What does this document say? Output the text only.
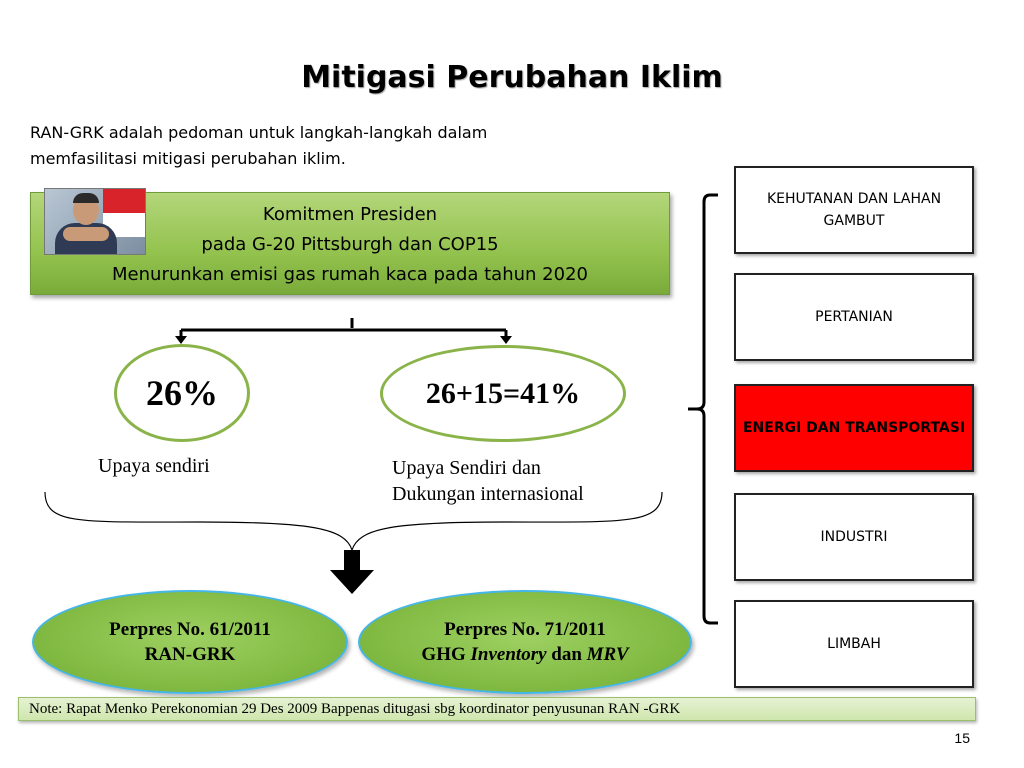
Mitigasi Perubahan Iklim
RAN-GRK adalah pedoman untuk langkah-langkah dalam
memfasilitasi mitigasi perubahan iklim.
Komitmen Presiden
pada G-20 Pittsburgh dan COP15
Menurunkan emisi gas rumah kaca pada tahun 2020
26%	26+15=41%
Upaya sendiri	Upaya Sendiri dan
Dukungan internasional
Perpres No. 61/2011
RAN-GRK
Perpres No. 71/2011
GHG Inventory dan MRV
KEHUTANAN DAN LAHAN GAMBUT
PERTANIAN
ENERGI DAN TRANSPORTASI
INDUSTRI
LIMBAH
Note: Rapat Menko Perekonomian 29 Des 2009 Bappenas ditugasi sbg koordinator penyusunan RAN -GRK
15
